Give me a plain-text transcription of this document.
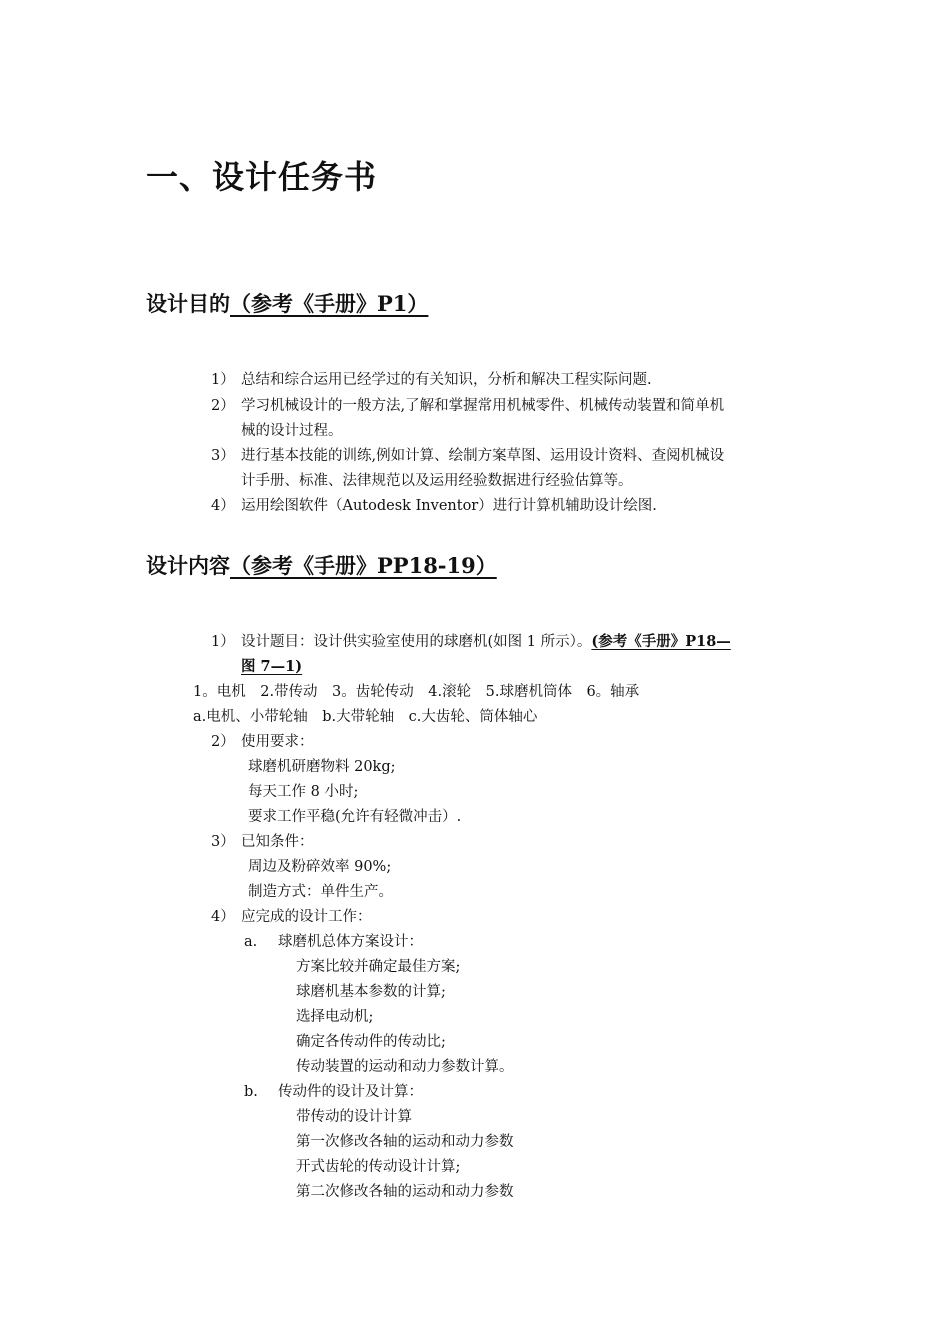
一、设计任务书
设计目的（参考《手册》P1）
1） 总结和综合运用已经学过的有关知识，分析和解决工程实际问题.
2） 学习机械设计的一般方法,了解和掌握常用机械零件、机械传动装置和简单机
械的设计过程。
3） 进行基本技能的训练,例如计算、绘制方案草图、运用设计资料、查阅机械设
计手册、标准、法律规范以及运用经验数据进行经验估算等。
4） 运用绘图软件（Autodesk Inventor）进行计算机辅助设计绘图.
设计内容（参考《手册》PP18-19）
1） 设计题目：设计供实验室使用的球磨机(如图 1 所示）。(参考《手册》P18—
图 7—1)
1。电机　2.带传动　3。齿轮传动　4.滚轮　5.球磨机筒体　6。轴承
a.电机、小带轮轴　b.大带轮轴　c.大齿轮、筒体轴心
2） 使用要求：
球磨机研磨物料 20kg;
每天工作 8 小时;
要求工作平稳(允许有轻微冲击）.
3） 已知条件：
周边及粉碎效率 90%;
制造方式：单件生产。
4） 应完成的设计工作：
a. 球磨机总体方案设计：
方案比较并确定最佳方案;
球磨机基本参数的计算;
选择电动机;
确定各传动件的传动比;
传动装置的运动和动力参数计算。
b. 传动件的设计及计算：
带传动的设计计算
第一次修改各轴的运动和动力参数
开式齿轮的传动设计计算;
第二次修改各轴的运动和动力参数
